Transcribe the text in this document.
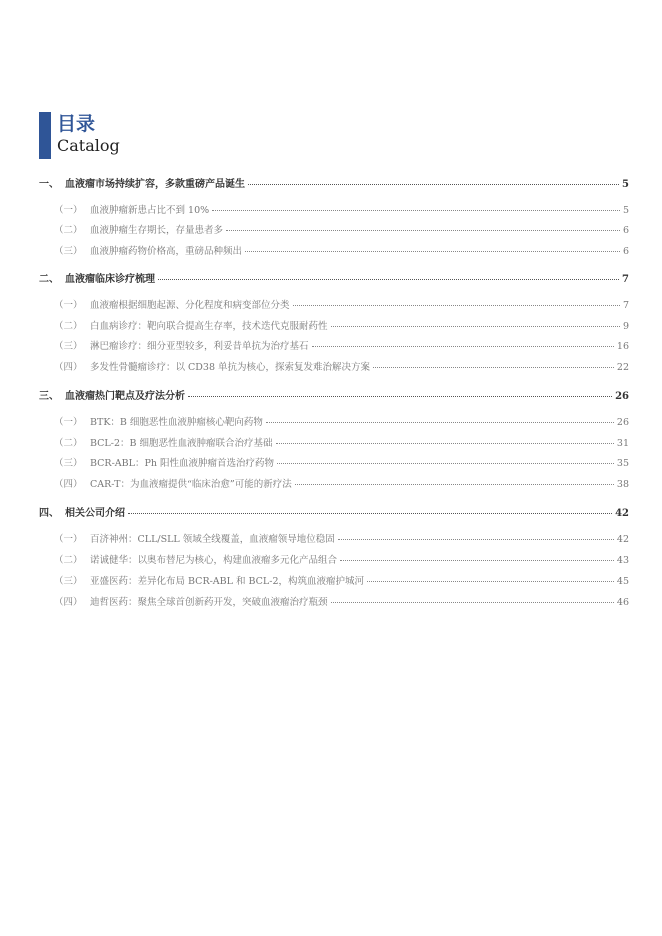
目录
Catalog
一、 血液瘤市场持续扩容，多款重磅产品诞生	5
（一） 血液肿瘤新患占比不到 10%	5
（二） 血液肿瘤生存期长，存量患者多	6
（三） 血液肿瘤药物价格高，重磅品种频出	6
二、 血液瘤临床诊疗梳理	7
（一） 血液瘤根据细胞起源、分化程度和病变部位分类	7
（二） 白血病诊疗：靶向联合提高生存率，技术迭代克服耐药性	9
（三） 淋巴瘤诊疗：细分亚型较多，利妥昔单抗为治疗基石	16
（四） 多发性骨髓瘤诊疗：以 CD38 单抗为核心，探索复发难治解决方案	22
三、 血液瘤热门靶点及疗法分析	26
（一） BTK：B 细胞恶性血液肿瘤核心靶向药物	26
（二） BCL-2：B 细胞恶性血液肿瘤联合治疗基础	31
（三） BCR-ABL：Ph 阳性血液肿瘤首选治疗药物	35
（四） CAR-T：为血液瘤提供“临床治愈”可能的新疗法	38
四、 相关公司介绍	42
（一） 百济神州：CLL/SLL 领域全线覆盖，血液瘤领导地位稳固	42
（二） 诺诚健华：以奥布替尼为核心，构建血液瘤多元化产品组合	43
（三） 亚盛医药：差异化布局 BCR-ABL 和 BCL-2，构筑血液瘤护城河	45
（四） 迪哲医药：聚焦全球首创新药开发，突破血液瘤治疗瓶颈	46
